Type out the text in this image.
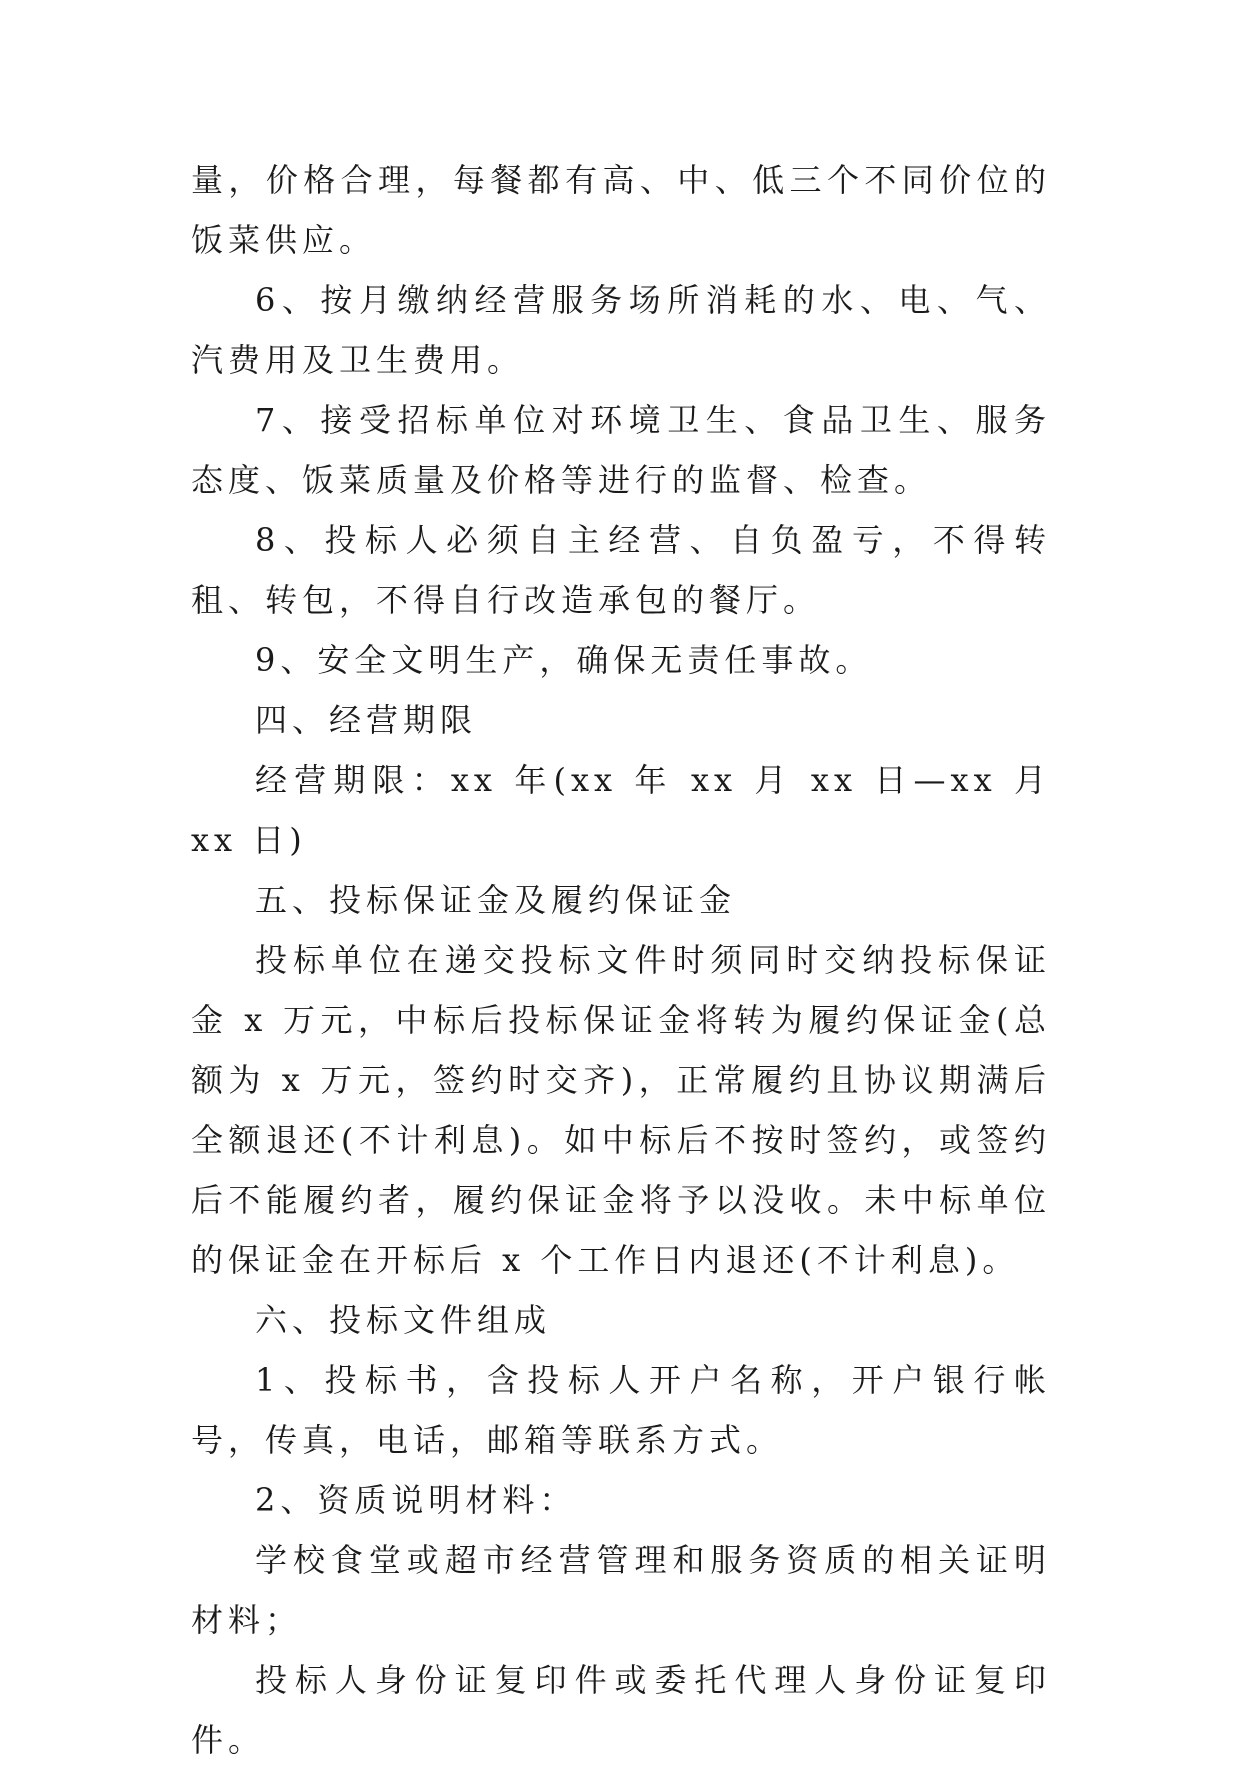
量，价格合理，每餐都有高、中、低三个不同价位的饭菜供应。

6、按月缴纳经营服务场所消耗的水、电、气、汽费用及卫生费用。

7、接受招标单位对环境卫生、食品卫生、服务态度、饭菜质量及价格等进行的监督、检查。

8、投标人必须自主经营、自负盈亏，不得转租、转包，不得自行改造承包的餐厅。

9、安全文明生产，确保无责任事故。

四、经营期限

经营期限：xx 年(xx 年 xx 月 xx 日—xx 月 xx 日)

五、投标保证金及履约保证金

投标单位在递交投标文件时须同时交纳投标保证金 x 万元，中标后投标保证金将转为履约保证金(总额为 x 万元，签约时交齐)，正常履约且协议期满后全额退还(不计利息)。如中标后不按时签约，或签约后不能履约者，履约保证金将予以没收。未中标单位的保证金在开标后 x 个工作日内退还(不计利息)。

六、投标文件组成

1、投标书，含投标人开户名称，开户银行帐号，传真，电话，邮箱等联系方式。

2、资质说明材料：

学校食堂或超市经营管理和服务资质的相关证明材料；

投标人身份证复印件或委托代理人身份证复印件。
